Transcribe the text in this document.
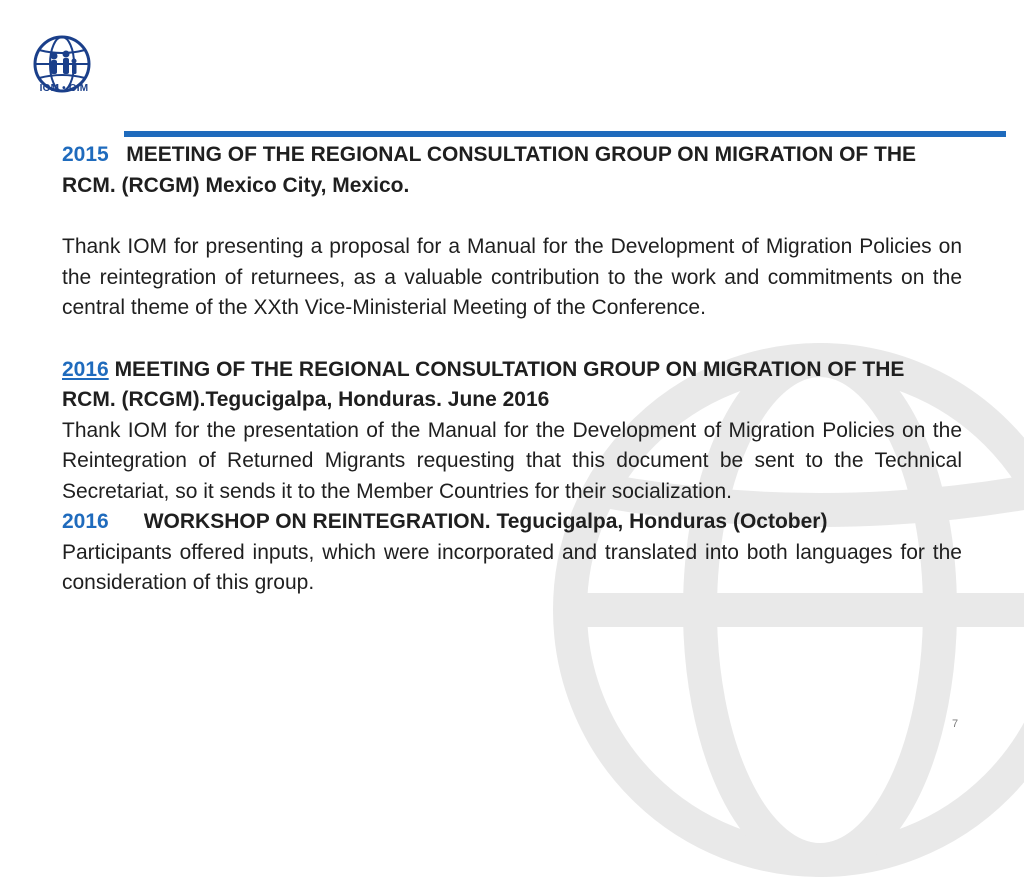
IOM • OIM

2015 MEETING OF THE REGIONAL CONSULTATION GROUP ON MIGRATION OF THE
RCM. (RCGM) Mexico City, Mexico.

Thank IOM for presenting a proposal for a Manual for the Development of Migration Policies on the reintegration of returnees, as a valuable contribution to the work and commitments on the central theme of the XXth Vice-Ministerial Meeting of the Conference.

2016 MEETING OF THE REGIONAL CONSULTATION GROUP ON MIGRATION OF THE
RCM. (RCGM).Tegucigalpa, Honduras. June 2016

Thank IOM for the presentation of the Manual for the Development of Migration Policies on the Reintegration of Returned Migrants requesting that this document be sent to the Technical Secretariat, so it sends it to the Member Countries for their socialization.

2016 WORKSHOP ON REINTEGRATION. Tegucigalpa, Honduras (October)

Participants offered inputs, which were incorporated and translated into both languages for the consideration of this group.

7
